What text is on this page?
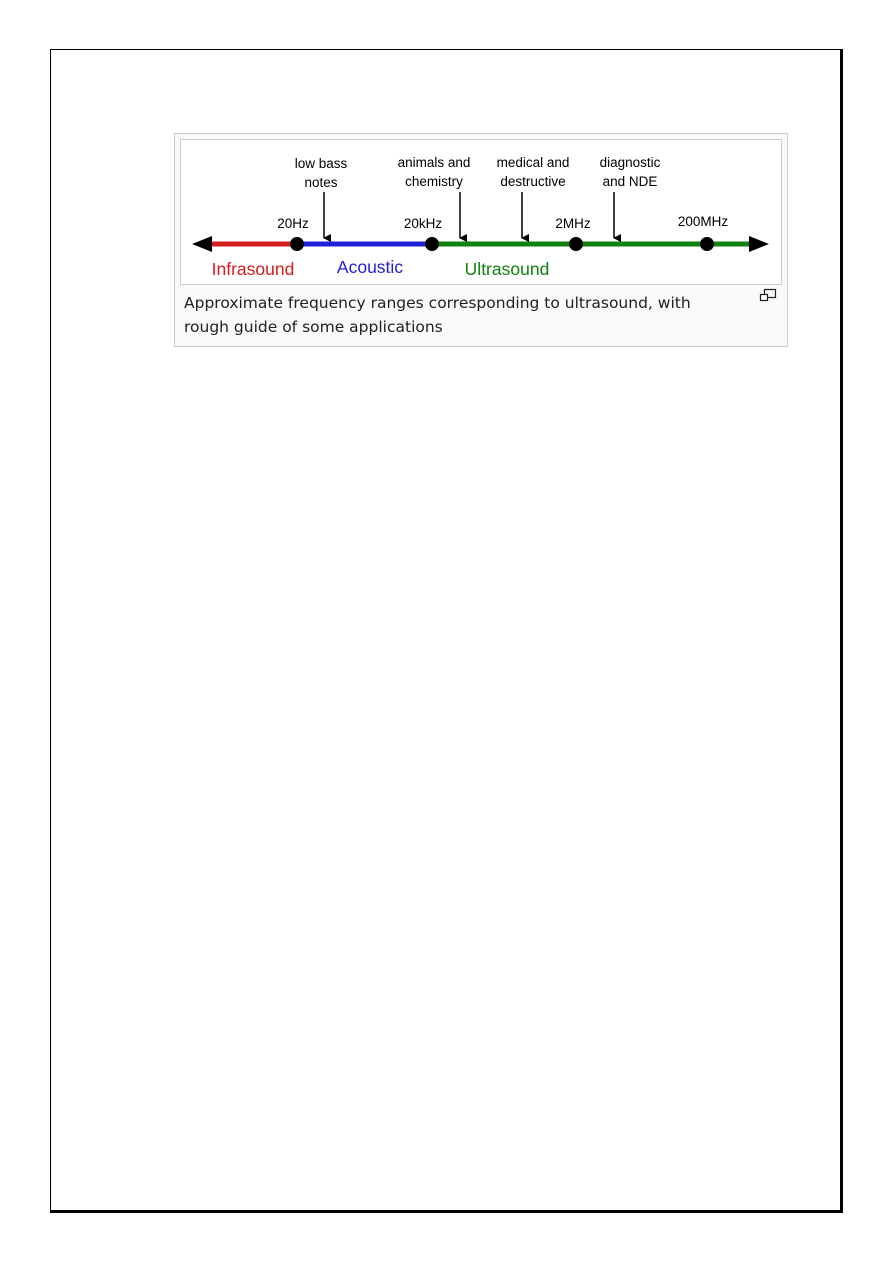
20Hz	20kHz	2MHz	200MHz
low bass
notes
animals and
chemistry
medical and
destructive
diagnostic
and NDE
Infrasound Acoustic	Ultrasound

Approximate frequency ranges corresponding to ultrasound, with rough guide of some applications
